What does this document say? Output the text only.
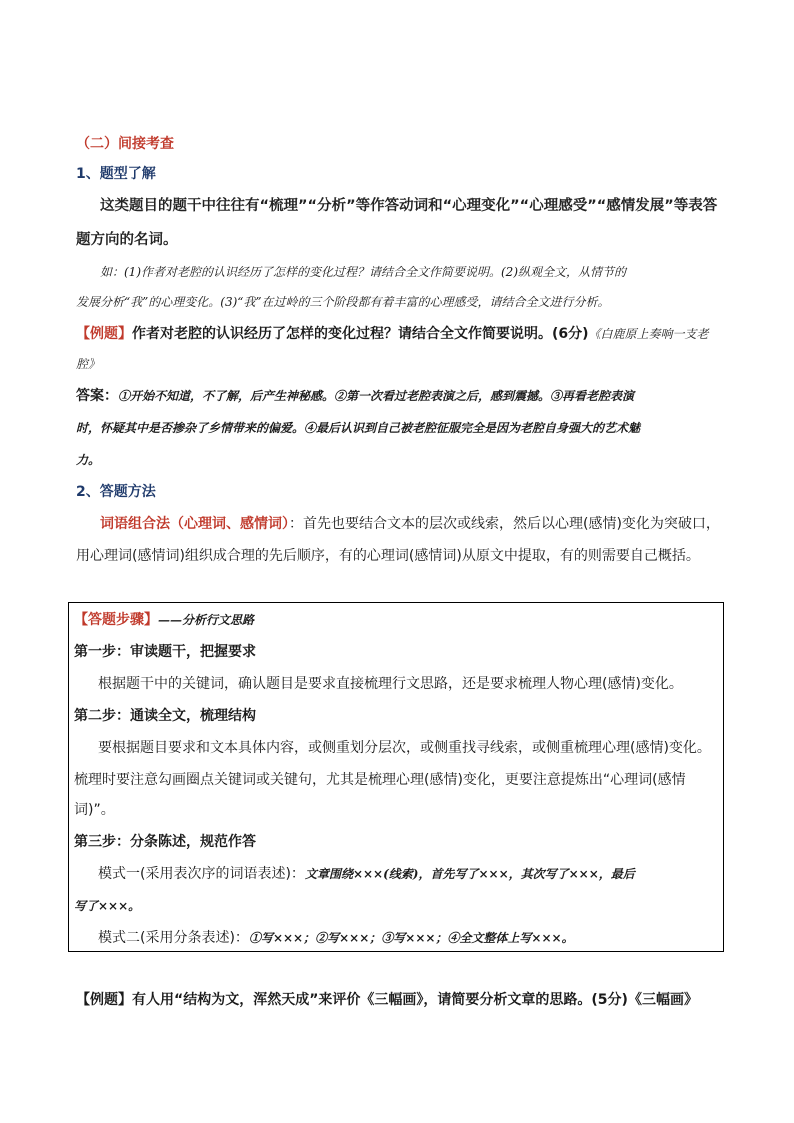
（二）间接考查
1、题型了解
这类题目的题干中往往有“梳理”“分析”等作答动词和“心理变化”“心理感受”“感情发展”等表答
题方向的名词。
如：(1)作者对老腔的认识经历了怎样的变化过程？请结合全文作简要说明。(2)纵观全文，从情节的
发展分析“我”的心理变化。(3)“我”在过岭的三个阶段都有着丰富的心理感受，请结合全文进行分析。
【例题】作者对老腔的认识经历了怎样的变化过程？请结合全文作简要说明。(6分)《白鹿原上奏响一支老
腔》
答案：①开始不知道，不了解，后产生神秘感。②第一次看过老腔表演之后，感到震撼。③再看老腔表演
时，怀疑其中是否掺杂了乡情带来的偏爱。④最后认识到自己被老腔征服完全是因为老腔自身强大的艺术魅
力。
2、答题方法
词语组合法（心理词、感情词）：首先也要结合文本的层次或线索，然后以心理(感情)变化为突破口，
用心理词(感情词)组织成合理的先后顺序，有的心理词(感情词)从原文中提取，有的则需要自己概括。
【答题步骤】——分析行文思路
第一步：审读题干，把握要求
根据题干中的关键词，确认题目是要求直接梳理行文思路，还是要求梳理人物心理(感情)变化。
第二步：通读全文，梳理结构
要根据题目要求和文本具体内容，或侧重划分层次，或侧重找寻线索，或侧重梳理心理(感情)变化。
梳理时要注意勾画圈点关键词或关键句，尤其是梳理心理(感情)变化，更要注意提炼出“心理词(感情
词)”。
第三步：分条陈述，规范作答
模式一(采用表次序的词语表述)：文章围绕×××(线索)，首先写了×××，其次写了×××，最后
写了×××。
模式二(采用分条表述)：①写×××；②写×××；③写×××；④全文整体上写×××。
【例题】有人用“结构为文，浑然天成”来评价《三幅画》，请简要分析文章的思路。(5分)《三幅画》
